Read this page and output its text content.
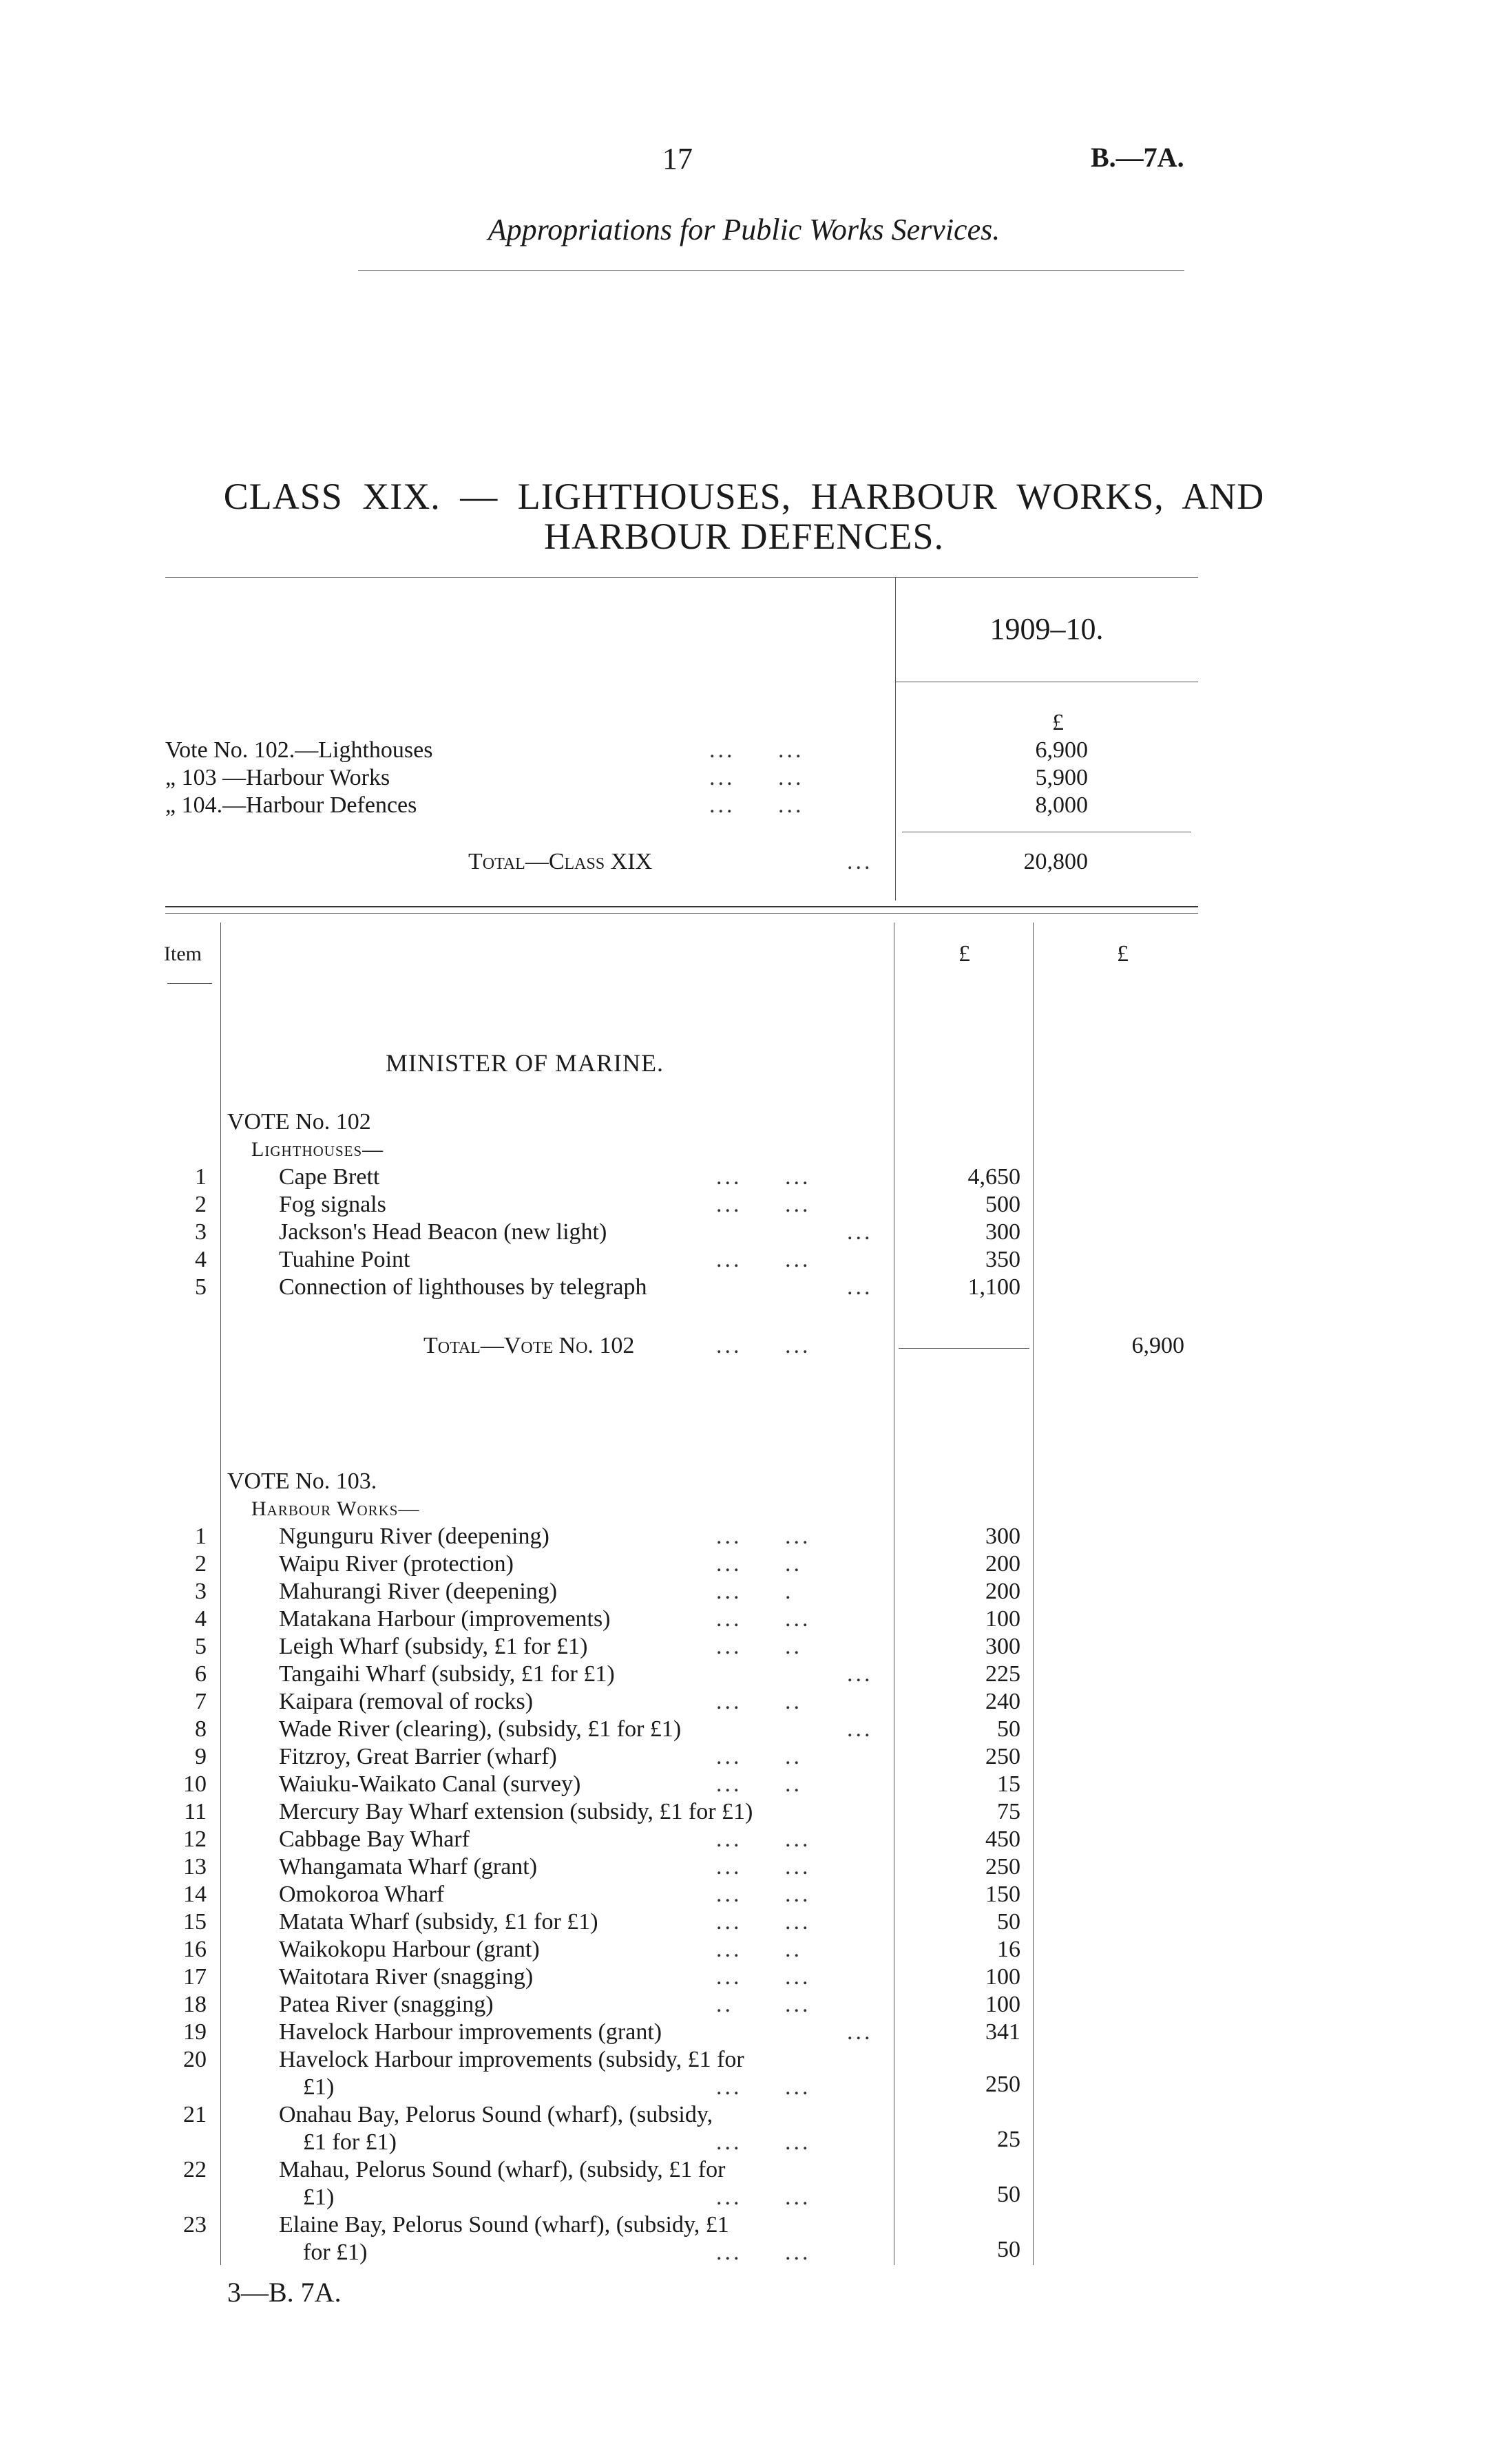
17	B.—7A.
Appropriations for Public Works Services.
CLASS XIX. — LIGHTHOUSES, HARBOUR WORKS, AND
HARBOUR DEFENCES.
1909–10.
£
Vote No. 102.—Lighthouses	...     ...	6,900
„ 103 —Harbour Works	...     ...	5,900
„ 104.—Harbour Defences	...     ...	8,000
Total—Class XIX	...	20,800
Item	£	£
MINISTER OF MARINE.
VOTE No. 102
Lighthouses—
1	Cape Brett	...     ...	4,650
2	Fog signals	...     ...	500
3	Jackson's Head Beacon (new light)	...	300
4	Tuahine Point	...     ...	350
5	Connection of lighthouses by telegraph	...	1,100
Total—Vote No. 102	...     ...	6,900
VOTE No. 103.
Harbour Works—
1	Ngunguru River (deepening)	...     ...	300
2	Waipu River (protection)	...     ..	200
3	Mahurangi River (deepening)	...     .	200
4	Matakana Harbour (improvements)	...     ...	100
5	Leigh Wharf (subsidy, £1 for £1)	...     ..	300
6	Tangaihi Wharf (subsidy, £1 for £1)	...	225
7	Kaipara (removal of rocks)	...     ..	240
8	Wade River (clearing), (subsidy, £1 for £1)	...	50
9	Fitzroy, Great Barrier (wharf)	...     ..	250
10	Waiuku-Waikato Canal (survey)	...     ..	15
11	Mercury Bay Wharf extension (subsidy, £1 for £1)	75
12	Cabbage Bay Wharf	...     ...	450
13	Whangamata Wharf (grant)	...     ...	250
14	Omokoroa Wharf	...     ...	150
15	Matata Wharf (subsidy, £1 for £1)	...     ...	50
16	Waikokopu Harbour (grant)	...     ..	16
17	Waitotara River (snagging)	...     ...	100
18	Patea River (snagging)	..      ...	100
19	Havelock Harbour improvements (grant)	...	341
20	Havelock Harbour improvements (subsidy, £1 for
£1)	...     ...	250
21	Onahau Bay, Pelorus Sound (wharf), (subsidy,
£1 for £1)	...     ...	25
22	Mahau, Pelorus Sound (wharf), (subsidy, £1 for
£1)	...     ...	50
23	Elaine Bay, Pelorus Sound (wharf), (subsidy, £1
for £1)	...     ...	50
3—B. 7A.
